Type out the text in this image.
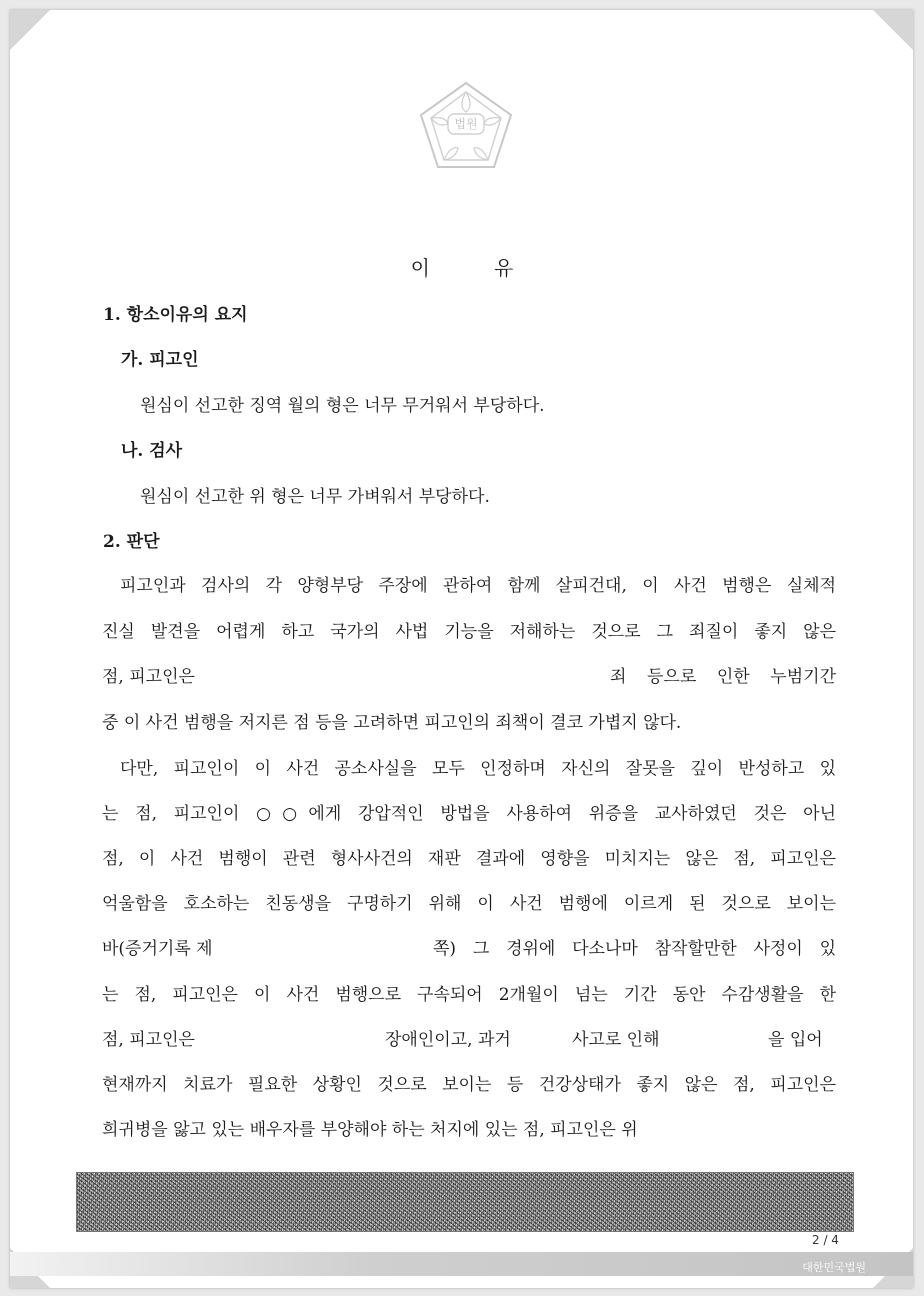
법원
이	유
1. 항소이유의 요지
가. 피고인
원심이 선고한 징역 월의 형은 너무 무거워서 부당하다.
나. 검사
원심이 선고한 위 형은 너무 가벼워서 부당하다.
2. 판단
피고인과 검사의 각 양형부당 주장에 관하여 함께 살피건대, 이 사건 범행은 실체적
진실 발견을 어렵게 하고 국가의 사법 기능을 저해하는 것으로 그 죄질이 좋지 않은
점, 피고인은	죄 등으로 인한 누범기간
중 이 사건 범행을 저지른 점 등을 고려하면 피고인의 죄책이 결코 가볍지 않다.
다만, 피고인이 이 사건 공소사실을 모두 인정하며 자신의 잘못을 깊이 반성하고 있
는 점, 피고인이 ○○에게 강압적인 방법을 사용하여 위증을 교사하였던 것은 아닌
점, 이 사건 범행이 관련 형사사건의 재판 결과에 영향을 미치지는 않은 점, 피고인은
억울함을 호소하는 친동생을 구명하기 위해 이 사건 범행에 이르게 된 것으로 보이는
바(증거기록 제	쪽) 그 경위에 다소나마 참작할만한 사정이 있
는 점, 피고인은 이 사건 범행으로 구속되어 2개월이 넘는 기간 동안 수감생활을 한
점, 피고인은	장애인이고, 과거	사고로 인해	을 입어
현재까지 치료가 필요한 상황인 것으로 보이는 등 건강상태가 좋지 않은 점, 피고인은
희귀병을 앓고 있는 배우자를 부양해야 하는 처지에 있는 점, 피고인은 위
2 / 4
대한민국법원
